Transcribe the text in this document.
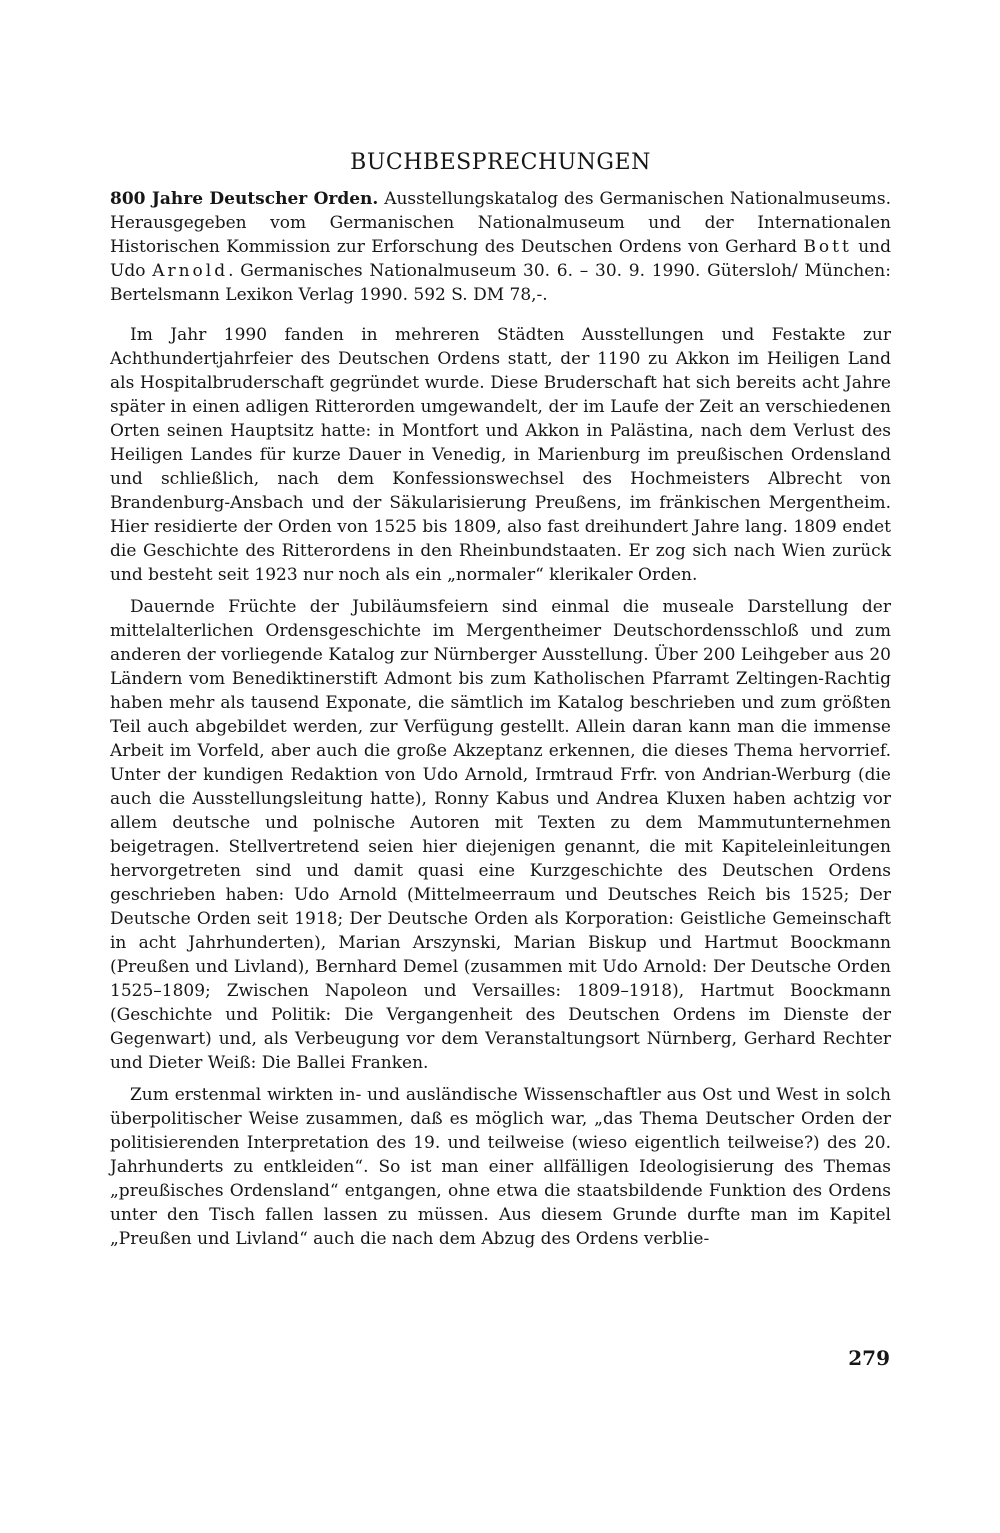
BUCHBESPRECHUNGEN

800 Jahre Deutscher Orden. Ausstellungskatalog des Germanischen Nationalmuseums. Herausgegeben vom Germanischen Nationalmuseum und der Internationalen Historischen Kommission zur Erforschung des Deutschen Ordens von Gerhard Bott und Udo Arnold. Germanisches Nationalmuseum 30. 6. – 30. 9. 1990. Gütersloh/ München: Bertelsmann Lexikon Verlag 1990. 592 S. DM 78,-.

Im Jahr 1990 fanden in mehreren Städten Ausstellungen und Festakte zur Achthundertjahrfeier des Deutschen Ordens statt, der 1190 zu Akkon im Heiligen Land als Hospitalbruderschaft gegründet wurde. Diese Bruderschaft hat sich bereits acht Jahre später in einen adligen Ritterorden umgewandelt, der im Laufe der Zeit an verschiedenen Orten seinen Hauptsitz hatte: in Montfort und Akkon in Palästina, nach dem Verlust des Heiligen Landes für kurze Dauer in Venedig, in Marienburg im preußischen Ordensland und schließlich, nach dem Konfessionswechsel des Hochmeisters Albrecht von Brandenburg-Ansbach und der Säkularisierung Preußens, im fränkischen Mergentheim. Hier residierte der Orden von 1525 bis 1809, also fast dreihundert Jahre lang. 1809 endet die Geschichte des Ritterordens in den Rheinbundstaaten. Er zog sich nach Wien zurück und besteht seit 1923 nur noch als ein „normaler“ klerikaler Orden.

Dauernde Früchte der Jubiläumsfeiern sind einmal die museale Darstellung der mittelalterlichen Ordensgeschichte im Mergentheimer Deutschordensschloß und zum anderen der vorliegende Katalog zur Nürnberger Ausstellung. Über 200 Leihgeber aus 20 Ländern vom Benediktinerstift Admont bis zum Katholischen Pfarramt Zeltingen-Rachtig haben mehr als tausend Exponate, die sämtlich im Katalog beschrieben und zum größten Teil auch abgebildet werden, zur Verfügung gestellt. Allein daran kann man die immense Arbeit im Vorfeld, aber auch die große Akzeptanz erkennen, die dieses Thema hervorrief. Unter der kundigen Redaktion von Udo Arnold, Irmtraud Frfr. von Andrian-Werburg (die auch die Ausstellungsleitung hatte), Ronny Kabus und Andrea Kluxen haben achtzig vor allem deutsche und polnische Autoren mit Texten zu dem Mammutunternehmen beigetragen. Stellvertretend seien hier diejenigen genannt, die mit Kapiteleinleitungen hervorgetreten sind und damit quasi eine Kurzgeschichte des Deutschen Ordens geschrieben haben: Udo Arnold (Mittelmeerraum und Deutsches Reich bis 1525; Der Deutsche Orden seit 1918; Der Deutsche Orden als Korporation: Geistliche Gemeinschaft in acht Jahrhunderten), Marian Arszynski, Marian Biskup und Hartmut Boockmann (Preußen und Livland), Bernhard Demel (zusammen mit Udo Arnold: Der Deutsche Orden 1525–1809; Zwischen Napoleon und Versailles: 1809–1918), Hartmut Boockmann (Geschichte und Politik: Die Vergangenheit des Deutschen Ordens im Dienste der Gegenwart) und, als Verbeugung vor dem Veranstaltungsort Nürnberg, Gerhard Rechter und Dieter Weiß: Die Ballei Franken.

Zum erstenmal wirkten in- und ausländische Wissenschaftler aus Ost und West in solch überpolitischer Weise zusammen, daß es möglich war, „das Thema Deutscher Orden der politisierenden Interpretation des 19. und teilweise (wieso eigentlich teilweise?) des 20. Jahrhunderts zu entkleiden“. So ist man einer allfälligen Ideologisierung des Themas „preußisches Ordensland“ entgangen, ohne etwa die staatsbildende Funktion des Ordens unter den Tisch fallen lassen zu müssen. Aus diesem Grunde durfte man im Kapitel „Preußen und Livland“ auch die nach dem Abzug des Ordens verblie-

279
